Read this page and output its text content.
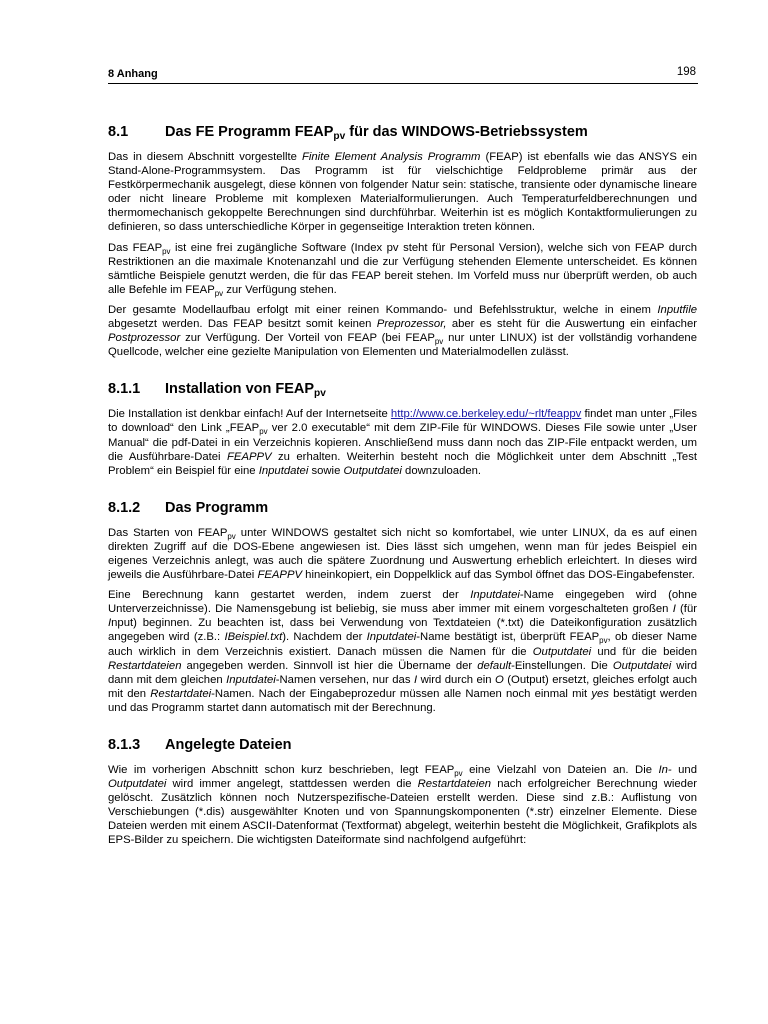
8 Anhang	198
8.1	Das FE Programm $FEAP_{pv}$ für das WINDOWS-Betriebssystem

Das in diesem Abschnitt vorgestellte Finite Element Analysis Programm (FEAP) ist ebenfalls wie das ANSYS ein Stand-Alone-Programmsystem. Das Programm ist für vielschichtige Feldprobleme primär aus der Festkörpermechanik ausgelegt, diese können von folgender Natur sein: statische, transiente oder dynamische lineare oder nicht lineare Probleme mit komplexen Materialformulierungen. Auch Temperaturfeldberechnungen und thermomechanisch gekoppelte Berechnungen sind durchführbar. Weiterhin ist es möglich Kontaktformulierungen zu definieren, so dass unterschiedliche Körper in gegenseitige Interaktion treten können.

Das $FEAP_{pv}$ ist eine frei zugängliche Software (Index pv steht für Personal Version), welche sich von FEAP durch Restriktionen an die maximale Knotenanzahl und die zur Verfügung stehenden Elemente unterscheidet. Es können sämtliche Beispiele genutzt werden, die für das FEAP bereit stehen. Im Vorfeld muss nur überprüft werden, ob auch alle Befehle im $FEAP_{pv}$ zur Verfügung stehen.

Der gesamte Modellaufbau erfolgt mit einer reinen Kommando- und Befehlsstruktur, welche in einem Inputfile abgesetzt werden. Das FEAP besitzt somit keinen Preprozessor, aber es steht für die Auswertung ein einfacher Postprozessor zur Verfügung. Der Vorteil von FEAP (bei $FEAP_{pv}$ nur unter LINUX) ist der vollständig vorhandene Quellcode, welcher eine gezielte Manipulation von Elementen und Materialmodellen zulässt.

8.1.1	Installation von $FEAP_{pv}$

Die Installation ist denkbar einfach! Auf der Internetseite http://www.ce.berkeley.edu/~rlt/feappv findet man unter „Files to download“ den Link $„FEAP_{pv}$ ver 2.0 executable“ mit dem ZIP-File für WINDOWS. Dieses File sowie unter „User Manual“ die pdf-Datei in ein Verzeichnis kopieren. Anschließend muss dann noch das ZIP-File entpackt werden, um die Ausführbare-Datei FEAPPV zu erhalten. Weiterhin besteht noch die Möglichkeit unter dem Abschnitt „Test Problem“ ein Beispiel für eine Inputdatei sowie Outputdatei downzuloaden.

8.1.2	Das Programm

Das Starten von $FEAP_{pv}$ unter WINDOWS gestaltet sich nicht so komfortabel, wie unter LINUX, da es auf einen direkten Zugriff auf die DOS-Ebene angewiesen ist. Dies lässt sich umgehen, wenn man für jedes Beispiel ein eigenes Verzeichnis anlegt, was auch die spätere Zuordnung und Auswertung erheblich erleichtert. In dieses wird jeweils die Ausführbare-Datei FEAPPV hineinkopiert, ein Doppelklick auf das Symbol öffnet das DOS-Eingabefenster.

Eine Berechnung kann gestartet werden, indem zuerst der Inputdatei-Name eingegeben wird (ohne Unterverzeichnisse). Die Namensgebung ist beliebig, sie muss aber immer mit einem vorgeschalteten großen I (für Input) beginnen. Zu beachten ist, dass bei Verwendung von Textdateien (*.txt) die Dateikonfiguration zusätzlich angegeben wird (z.B.: IBeispiel.txt). Nachdem der Inputdatei-Name bestätigt ist, überprüft $FEAP_{pv}$, ob dieser Name auch wirklich in dem Verzeichnis existiert. Danach müssen die Namen für die Outputdatei und für die beiden Restartdateien angegeben werden. Sinnvoll ist hier die Übername der default-Einstellungen. Die Outputdatei wird dann mit dem gleichen Inputdatei-Namen versehen, nur das I wird durch ein O (Output) ersetzt, gleiches erfolgt auch mit den Restartdatei-Namen. Nach der Eingabeprozedur müssen alle Namen noch einmal mit yes bestätigt werden und das Programm startet dann automatisch mit der Berechnung.

8.1.3	Angelegte Dateien

Wie im vorherigen Abschnitt schon kurz beschrieben, legt $FEAP_{pv}$ eine Vielzahl von Dateien an. Die In- und Outputdatei wird immer angelegt, stattdessen werden die Restartdateien nach erfolgreicher Berechnung wieder gelöscht. Zusätzlich können noch Nutzerspezifische-Dateien erstellt werden. Diese sind z.B.: Auflistung von Verschiebungen (*.dis) ausgewählter Knoten und von Spannungskomponenten (*.str) einzelner Elemente. Diese Dateien werden mit einem ASCII-Datenformat (Textformat) abgelegt, weiterhin besteht die Möglichkeit, Grafikplots als EPS-Bilder zu speichern. Die wichtigsten Dateiformate sind nachfolgend aufgeführt:
